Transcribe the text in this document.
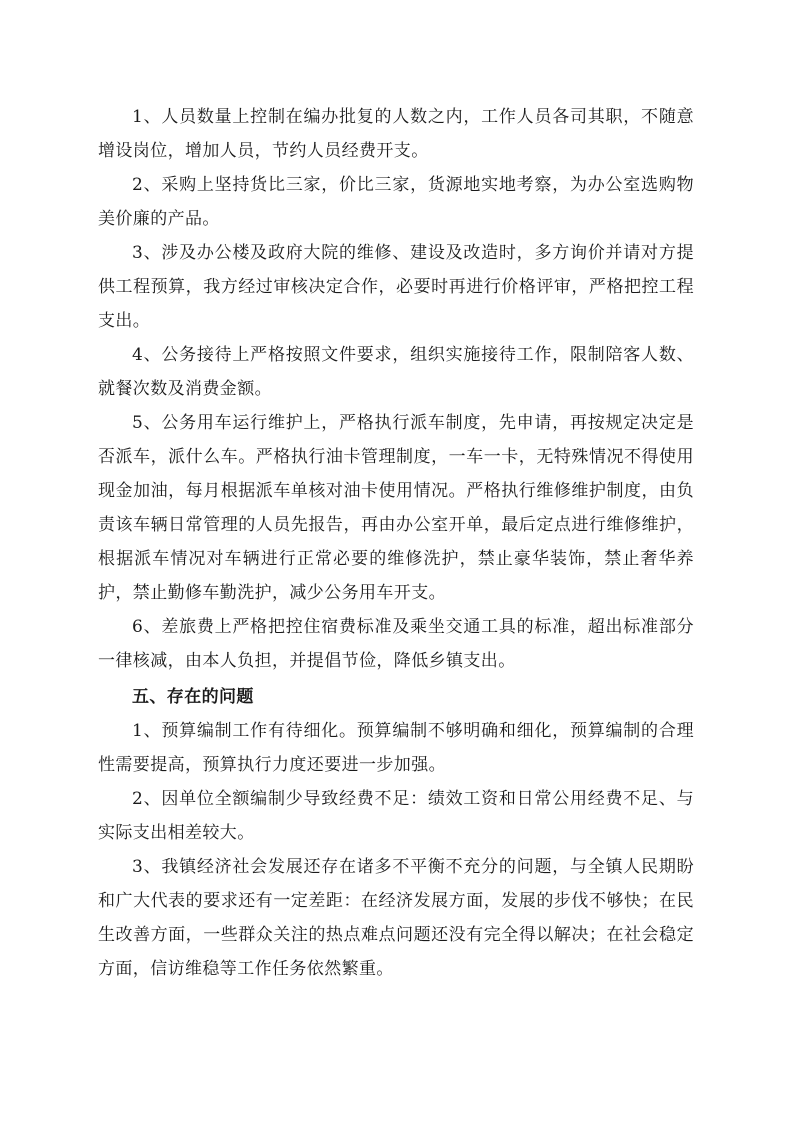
1、人员数量上控制在编办批复的人数之内，工作人员各司其职，不随意增设岗位，增加人员，节约人员经费开支。

2、采购上坚持货比三家，价比三家，货源地实地考察，为办公室选购物美价廉的产品。

3、涉及办公楼及政府大院的维修、建设及改造时，多方询价并请对方提供工程预算，我方经过审核决定合作，必要时再进行价格评审，严格把控工程支出。

4、公务接待上严格按照文件要求，组织实施接待工作，限制陪客人数、就餐次数及消费金额。

5、公务用车运行维护上，严格执行派车制度，先申请，再按规定决定是否派车，派什么车。严格执行油卡管理制度，一车一卡，无特殊情况不得使用现金加油，每月根据派车单核对油卡使用情况。严格执行维修维护制度，由负责该车辆日常管理的人员先报告，再由办公室开单，最后定点进行维修维护，根据派车情况对车辆进行正常必要的维修洗护，禁止豪华装饰，禁止奢华养护，禁止勤修车勤洗护，减少公务用车开支。

6、差旅费上严格把控住宿费标准及乘坐交通工具的标准，超出标准部分一律核减，由本人负担，并提倡节俭，降低乡镇支出。

五、存在的问题

1、预算编制工作有待细化。预算编制不够明确和细化，预算编制的合理性需要提高，预算执行力度还要进一步加强。

2、因单位全额编制少导致经费不足：绩效工资和日常公用经费不足、与实际支出相差较大。

3、我镇经济社会发展还存在诸多不平衡不充分的问题，与全镇人民期盼和广大代表的要求还有一定差距：在经济发展方面，发展的步伐不够快；在民生改善方面，一些群众关注的热点难点问题还没有完全得以解决；在社会稳定方面，信访维稳等工作任务依然繁重。
